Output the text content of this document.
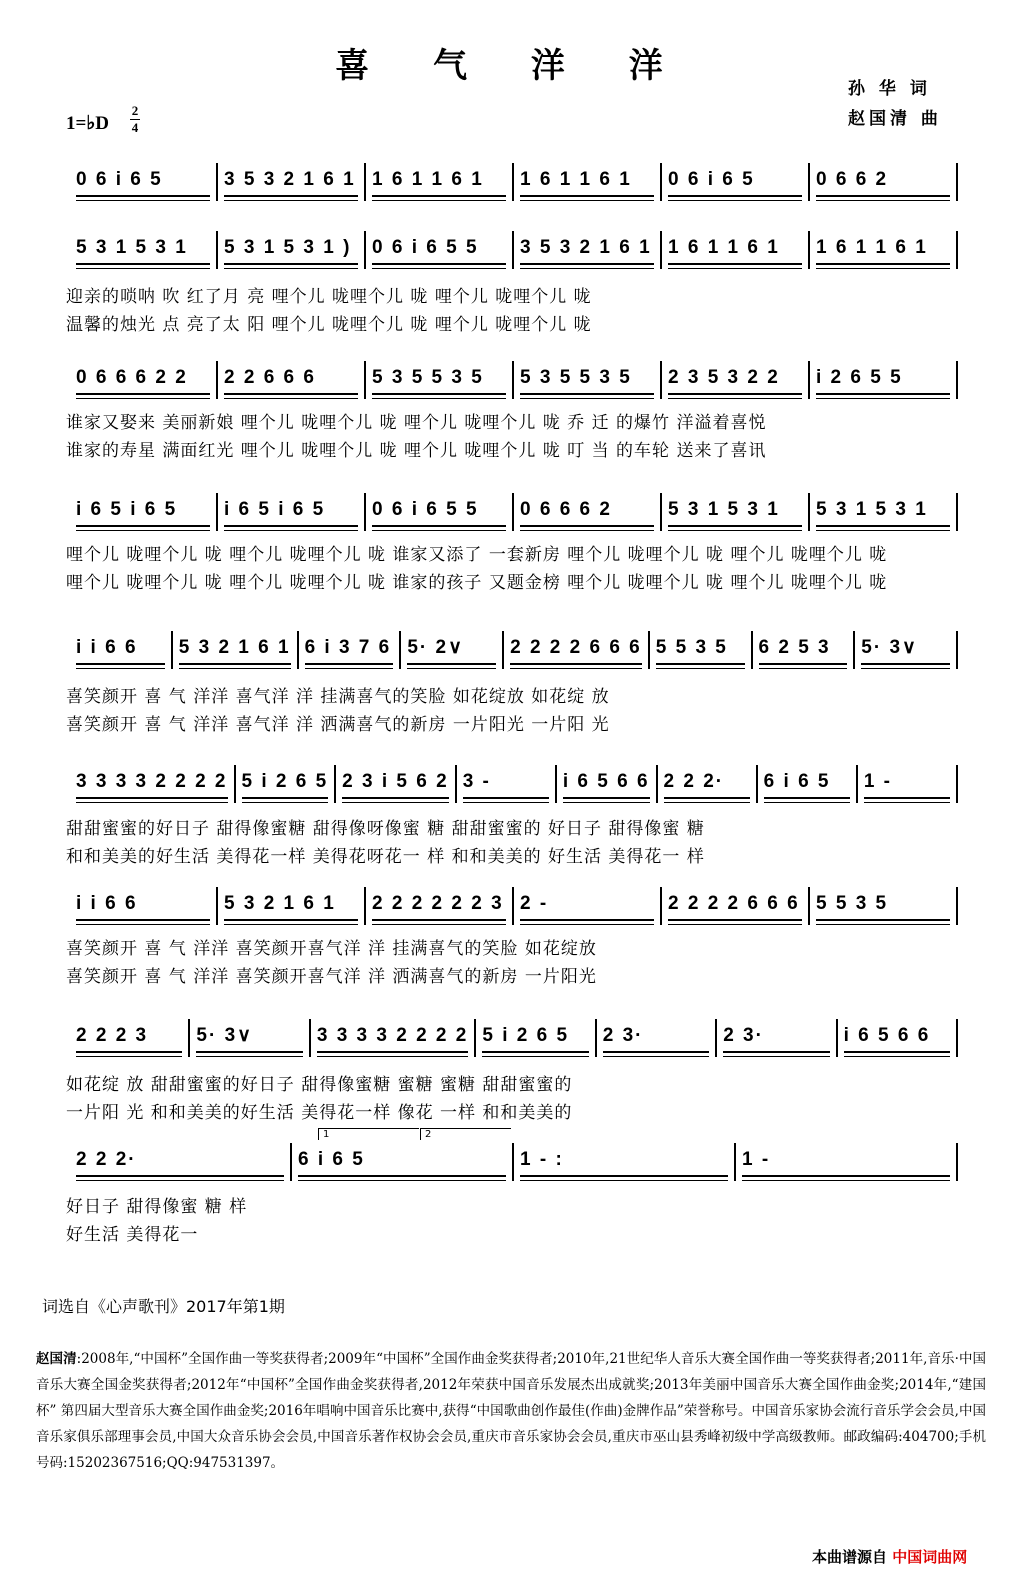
喜 气 洋 洋
孙 华 词
赵国清 曲
1=♭D
2
4
0 6 i 6 5	3 5 3 2 1 6 1 1 6 1 1 6 1	1 6 1 1 6 1	0 6 i 6 5	0 6 6 2
5 3 1 5 3 1	5 3 1 5 3 1 )	0 6 i 6 5 5	3 5 3 2 1 6 1 1 6 1 1 6 1	1 6 1 1 6 1
0 6 6 6 2 2	2 2 6 6 6	5 3 5 5 3 5	5 3 5 5 3 5	2 3 5 3 2 2	i 2 6 5 5
i 6 5 i 6 5	i 6 5 i 6 5	0 6 i 6 5 5	0 6 6 6 2	5 3 1 5 3 1	5 3 1 5 3 1
i i 6 6	5 3 2 1 6 1 6 i 3 7 6 5· 2∨	2 2 2 2 6 6 6 5 5 3 5	6 2 5 3	5· 3∨
3 3 3 3 2 2 2 2 5 i 2 6 5 2 3 i 5 6 2 3 -	i 6 5 6 6 2 2 2·	6 i 6 5	1 -
i i 6 6	5 3 2 1 6 1	2 2 2 2 2 2 3 2 -	2 2 2 2 6 6 6 5 5 3 5
2 2 2 3	5· 3∨	3 3 3 3 2 2 2 2 5 i 2 6 5	2 3·	2 3·	i 6 5 6 6
2 2 2·	6 i 6 5	1 - :	1 -
迎亲的唢呐 吹 红了月 亮 哩个儿 咙哩个儿 咙 哩个儿 咙哩个儿 咙
温馨的烛光 点 亮了太 阳 哩个儿 咙哩个儿 咙 哩个儿 咙哩个儿 咙
谁家又娶来 美丽新娘 哩个儿 咙哩个儿 咙 哩个儿 咙哩个儿 咙 乔 迁 的爆竹 洋溢着喜悦
谁家的寿星 满面红光 哩个儿 咙哩个儿 咙 哩个儿 咙哩个儿 咙 叮 当 的车轮 送来了喜讯
哩个儿 咙哩个儿 咙 哩个儿 咙哩个儿 咙 谁家又添了 一套新房 哩个儿 咙哩个儿 咙 哩个儿 咙哩个儿 咙
哩个儿 咙哩个儿 咙 哩个儿 咙哩个儿 咙 谁家的孩子 又题金榜 哩个儿 咙哩个儿 咙 哩个儿 咙哩个儿 咙
喜笑颜开 喜 气 洋洋 喜气洋 洋 挂满喜气的笑脸 如花绽放 如花绽 放
喜笑颜开 喜 气 洋洋 喜气洋 洋 洒满喜气的新房 一片阳光 一片阳 光
甜甜蜜蜜的好日子 甜得像蜜糖 甜得像呀像蜜 糖 甜甜蜜蜜的 好日子 甜得像蜜 糖
和和美美的好生活 美得花一样 美得花呀花一 样 和和美美的 好生活 美得花一 样
喜笑颜开 喜 气 洋洋 喜笑颜开喜气洋 洋 挂满喜气的笑脸 如花绽放
喜笑颜开 喜 气 洋洋 喜笑颜开喜气洋 洋 洒满喜气的新房 一片阳光
如花绽 放 甜甜蜜蜜的好日子 甜得像蜜糖 蜜糖 蜜糖 甜甜蜜蜜的
一片阳 光 和和美美的好生活 美得花一样 像花 一样 和和美美的
好日子 甜得像蜜 糖 样
好生活 美得花一
1	2
词选自《心声歌刊》2017年第1期
赵国清:2008年,“中国杯”全国作曲一等奖获得者;2009年“中国杯”全国作曲金奖获得者;2010年,21世纪华人音乐大赛全国作曲一等奖获得者;2011年,音乐·中国音乐大赛全国金奖获得者;2012年“中国杯”全国作曲金奖获得者,2012年荣获中国音乐发展杰出成就奖;2013年美丽中国音乐大赛全国作曲金奖;2014年,“建国杯” 第四届大型音乐大赛全国作曲金奖;2016年唱响中国音乐比赛中,获得“中国歌曲创作最佳(作曲)金牌作品”荣誉称号。中国音乐家协会流行音乐学会会员,中国音乐家俱乐部理事会员,中国大众音乐协会会员,中国音乐著作权协会会员,重庆市音乐家协会会员,重庆市巫山县秀峰初级中学高级教师。邮政编码:404700;手机号码:15202367516;QQ:947531397。
本曲谱源自 中国词曲网
